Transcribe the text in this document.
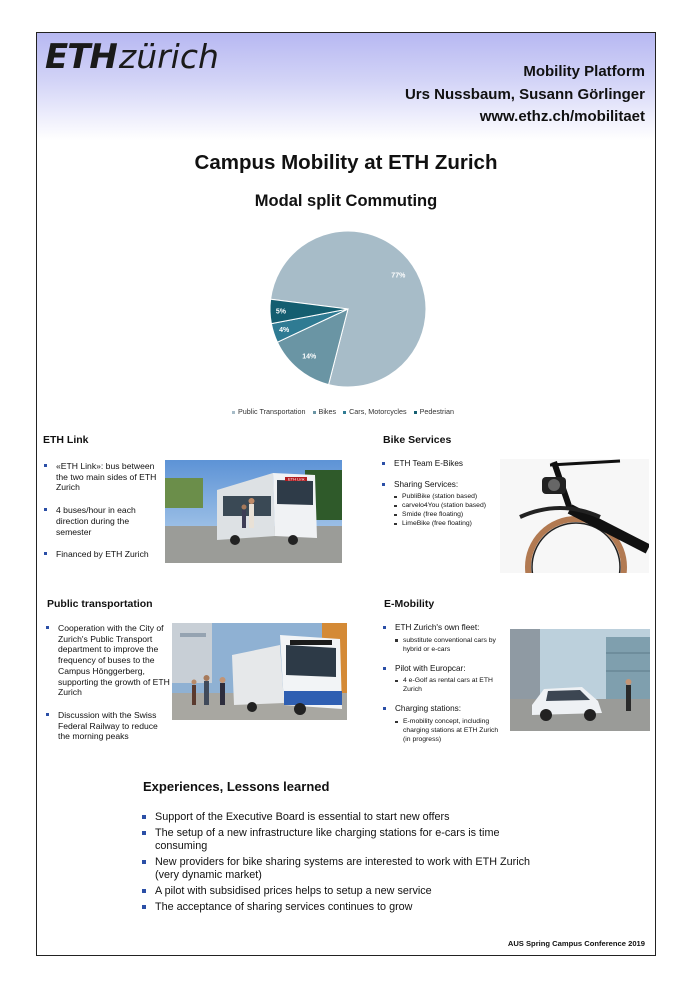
ETHzürich	Mobility Platform
Urs Nussbaum, Susann Görlinger
www.ethz.ch/mobilitaet
Campus Mobility at ETH Zurich
Modal split Commuting
77%
14%
4%
5%
Public Transportation Bikes Cars, Motorcycles Pedestrian
ETH Link
«ETH Link»: bus between the two main sides of ETH Zurich
4 buses/hour in each direction during the semester
Financed by ETH Zurich
ETH Link
Bike Services
ETH Team E-Bikes
Sharing Services:
PubliBike (station based)
carvelo4You (station based)
Smide (free floating)
LimeBike (free floating)
Public transportation
Cooperation with the City of Zurich's Public Transport department to improve the frequency of buses to the Campus Hönggerberg, supporting the growth of ETH Zurich
Discussion with the Swiss Federal Railway to reduce the morning peaks
E-Mobility
ETH Zurich's own fleet:
substitute conventional cars by hybrid or e-cars
Pilot with Europcar:
4 e-Golf as rental cars at ETH Zurich
Charging stations:
E-mobility concept, including charging stations at ETH Zurich (in progress)
Experiences, Lessons learned
Support of the Executive Board is essential to start new offers
The setup of a new infrastructure like charging stations for e-cars is time consuming
New providers for bike sharing systems are interested to work with ETH Zurich (very dynamic market)
A pilot with subsidised prices helps to setup a new service
The acceptance of sharing services continues to grow
AUS Spring Campus Conference 2019
